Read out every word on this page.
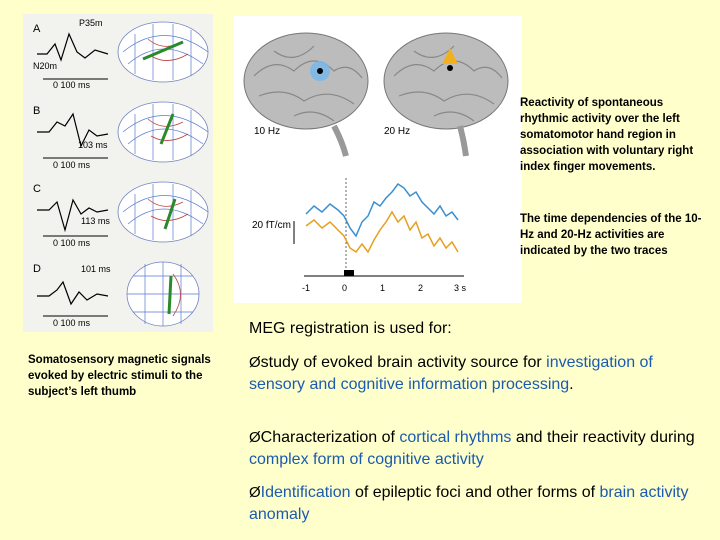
A	P35m
N20m
0 100 ms
B
103 ms
0 100 ms
C
113 ms
0 100 ms
D	101 ms
0 100 ms
10 Hz	20 Hz
20 fT/cm
-1	0	1	2	3 s
Reactivity of spontaneous rhythmic activity over the left somatomotor hand region in association with voluntary right index finger movements.
The time dependencies of the 10-Hz and 20-Hz activities are indicated by the two traces
Somatosensory magnetic signals evoked by electric stimuli to the subject’s left thumb
MEG registration is used for:
Østudy of evoked brain activity source for investigation of sensory and cognitive information processing.
ØCharacterization of cortical rhythms and their reactivity during complex form of cognitive activity
ØIdentification of epileptic foci and other forms of brain activity anomaly
